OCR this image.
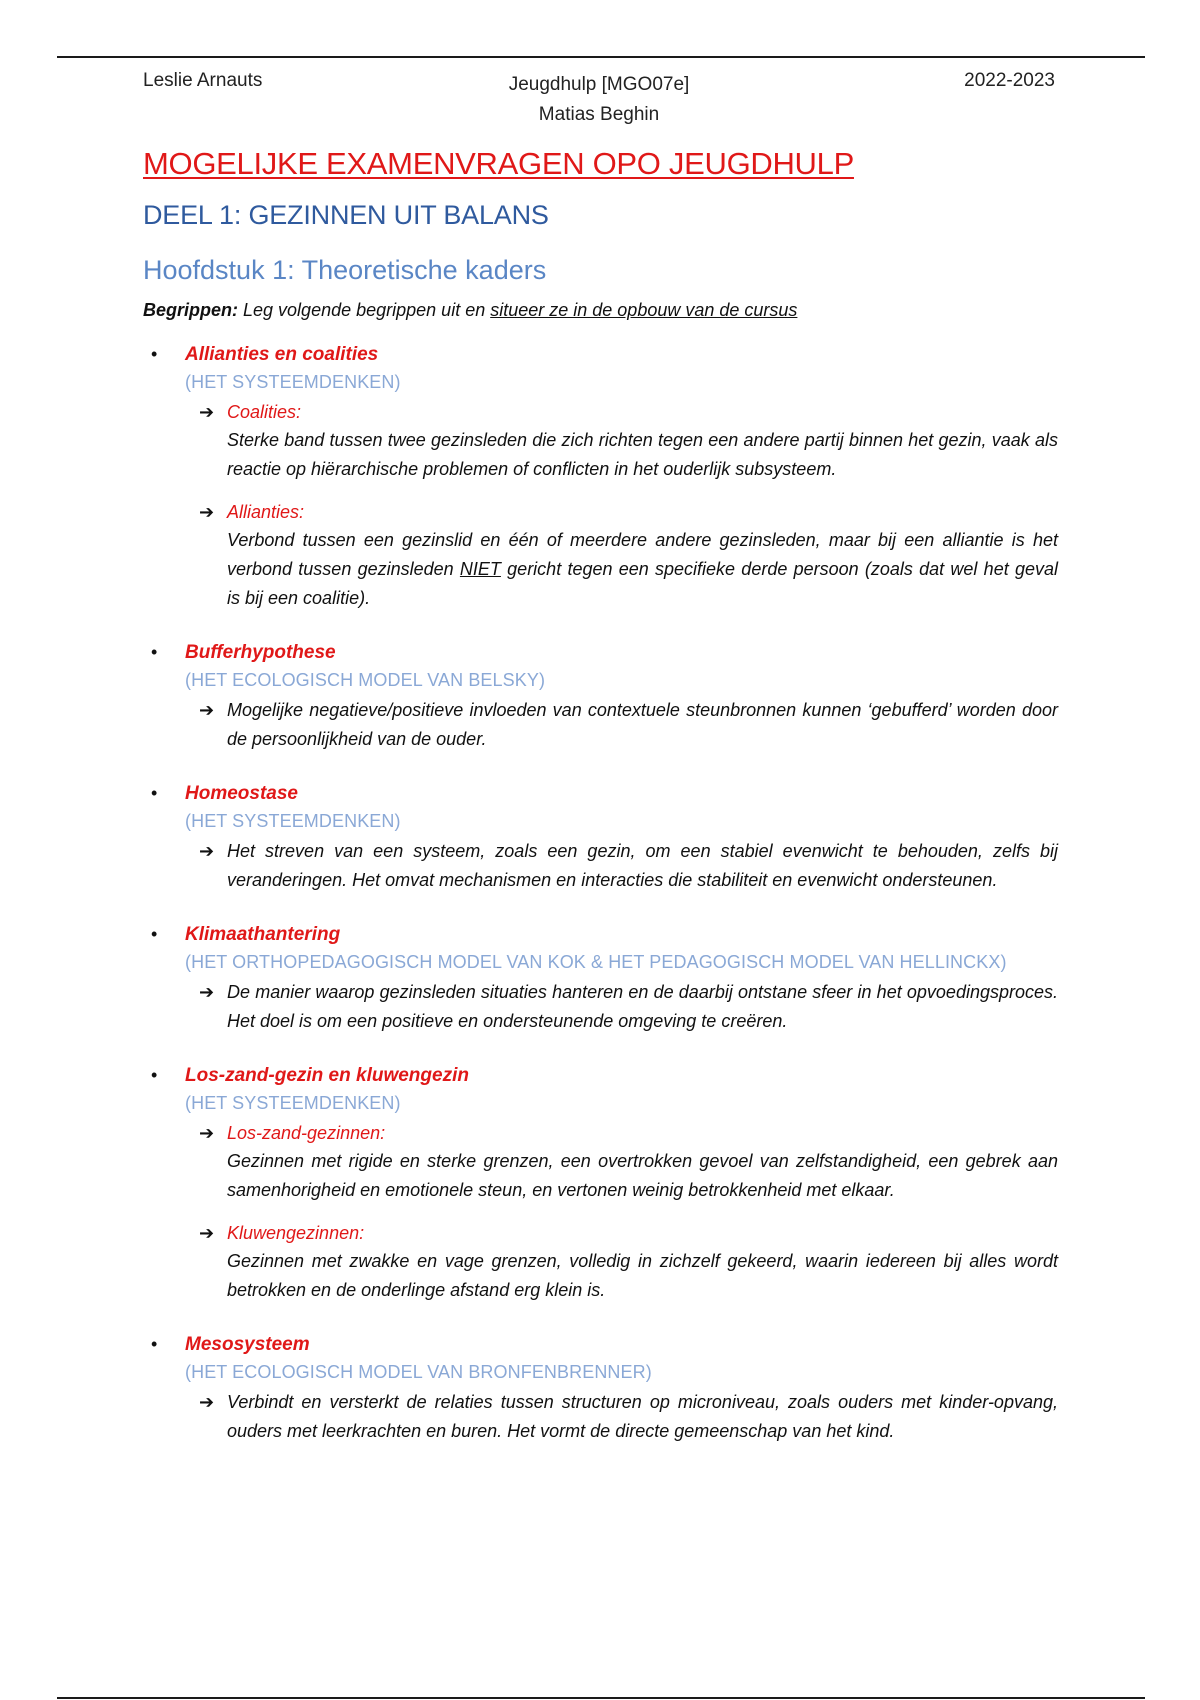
Leslie Arnauts	Jeugdhulp [MGO07e]
Matias Beghin
2022-2023
MOGELIJKE EXAMENVRAGEN OPO JEUGDHULP
DEEL 1: GEZINNEN UIT BALANS
Hoofdstuk 1: Theoretische kaders
Begrippen: Leg volgende begrippen uit en situeer ze in de opbouw van de cursus
• Allianties en coalities
(HET SYSTEEMDENKEN)
➔ Coalities:
Sterke band tussen twee gezinsleden die zich richten tegen een andere partij binnen het gezin, vaak als reactie op hiërarchische problemen of conflicten in het ouderlijk subsysteem.
➔ Allianties:
Verbond tussen een gezinslid en één of meerdere andere gezinsleden, maar bij een alliantie is het verbond tussen gezinsleden NIET gericht tegen een specifieke derde persoon (zoals dat wel het geval is bij een coalitie).
• Bufferhypothese
(HET ECOLOGISCH MODEL VAN BELSKY)
➔ Mogelijke negatieve/positieve invloeden van contextuele steunbronnen kunnen ‘gebufferd’ worden door de persoonlijkheid van de ouder.
• Homeostase
(HET SYSTEEMDENKEN)
➔ Het streven van een systeem, zoals een gezin, om een stabiel evenwicht te behouden, zelfs bij veranderingen. Het omvat mechanismen en interacties die stabiliteit en evenwicht ondersteunen.
• Klimaathantering
(HET ORTHOPEDAGOGISCH MODEL VAN KOK & HET PEDAGOGISCH MODEL VAN HELLINCKX)
➔ De manier waarop gezinsleden situaties hanteren en de daarbij ontstane sfeer in het opvoedingsproces. Het doel is om een positieve en ondersteunende omgeving te creëren.
• Los-zand-gezin en kluwengezin
(HET SYSTEEMDENKEN)
➔ Los-zand-gezinnen:
Gezinnen met rigide en sterke grenzen, een overtrokken gevoel van zelfstandigheid, een gebrek aan samenhorigheid en emotionele steun, en vertonen weinig betrokkenheid met elkaar.
➔ Kluwengezinnen:
Gezinnen met zwakke en vage grenzen, volledig in zichzelf gekeerd, waarin iedereen bij alles wordt betrokken en de onderlinge afstand erg klein is.
• Mesosysteem
(HET ECOLOGISCH MODEL VAN BRONFENBRENNER)
➔ Verbindt en versterkt de relaties tussen structuren op microniveau, zoals ouders met kinder-opvang, ouders met leerkrachten en buren. Het vormt de directe gemeenschap van het kind.
